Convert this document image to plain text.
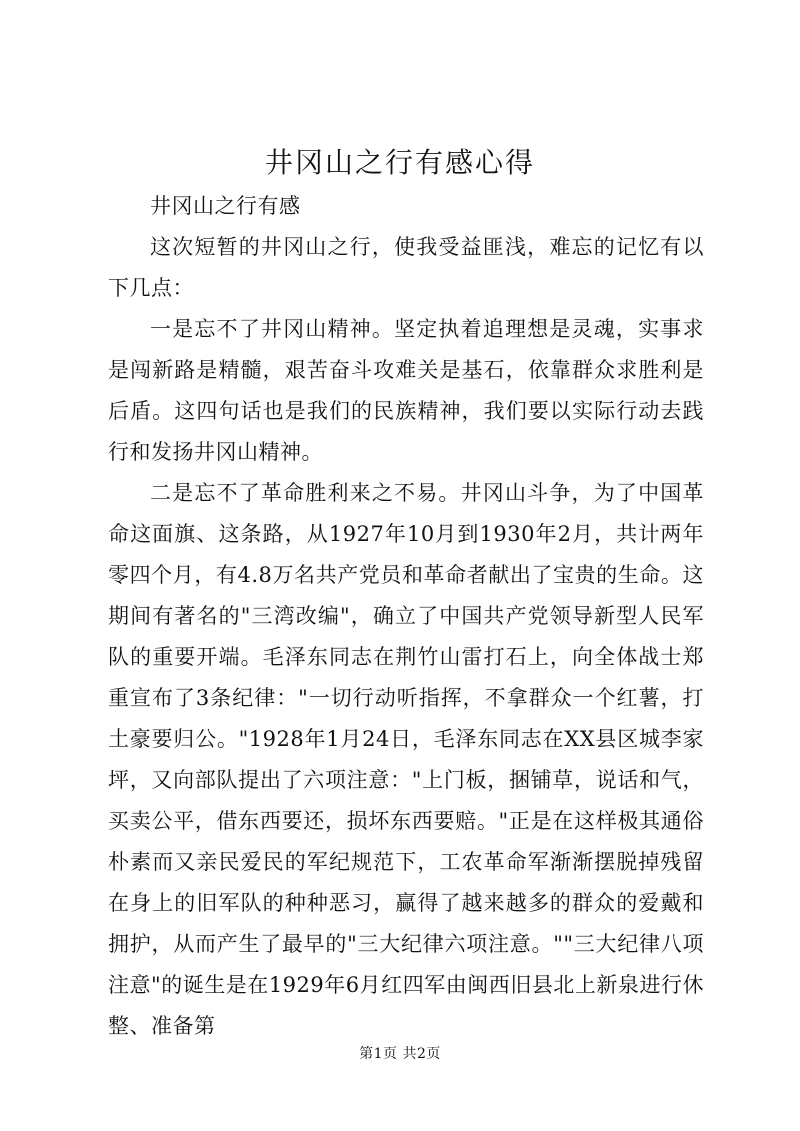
井冈山之行有感心得

井冈山之行有感

这次短暂的井冈山之行，使我受益匪浅，难忘的记忆有以下几点：

一是忘不了井冈山精神。坚定执着追理想是灵魂，实事求是闯新路是精髓，艰苦奋斗攻难关是基石，依靠群众求胜利是后盾。这四句话也是我们的民族精神，我们要以实际行动去践行和发扬井冈山精神。

二是忘不了革命胜利来之不易。井冈山斗争，为了中国革命这面旗、这条路，从1927年10月到1930年2月，共计两年零四个月，有4.8万名共产党员和革命者献出了宝贵的生命。这期间有著名的"三湾改编"，确立了中国共产党领导新型人民军队的重要开端。毛泽东同志在荆竹山雷打石上，向全体战士郑重宣布了3条纪律："一切行动听指挥，不拿群众一个红薯，打土豪要归公。"1928年1月24日，毛泽东同志在XX县区城李家坪，又向部队提出了六项注意："上门板，捆铺草，说话和气，买卖公平，借东西要还，损坏东西要赔。"正是在这样极其通俗朴素而又亲民爱民的军纪规范下，工农革命军渐渐摆脱掉残留在身上的旧军队的种种恶习，赢得了越来越多的群众的爱戴和拥护，从而产生了最早的"三大纪律六项注意。""三大纪律八项注意"的诞生是在1929年6月红四军由闽西旧县北上新泉进行休整、准备第

第1页 共2页
